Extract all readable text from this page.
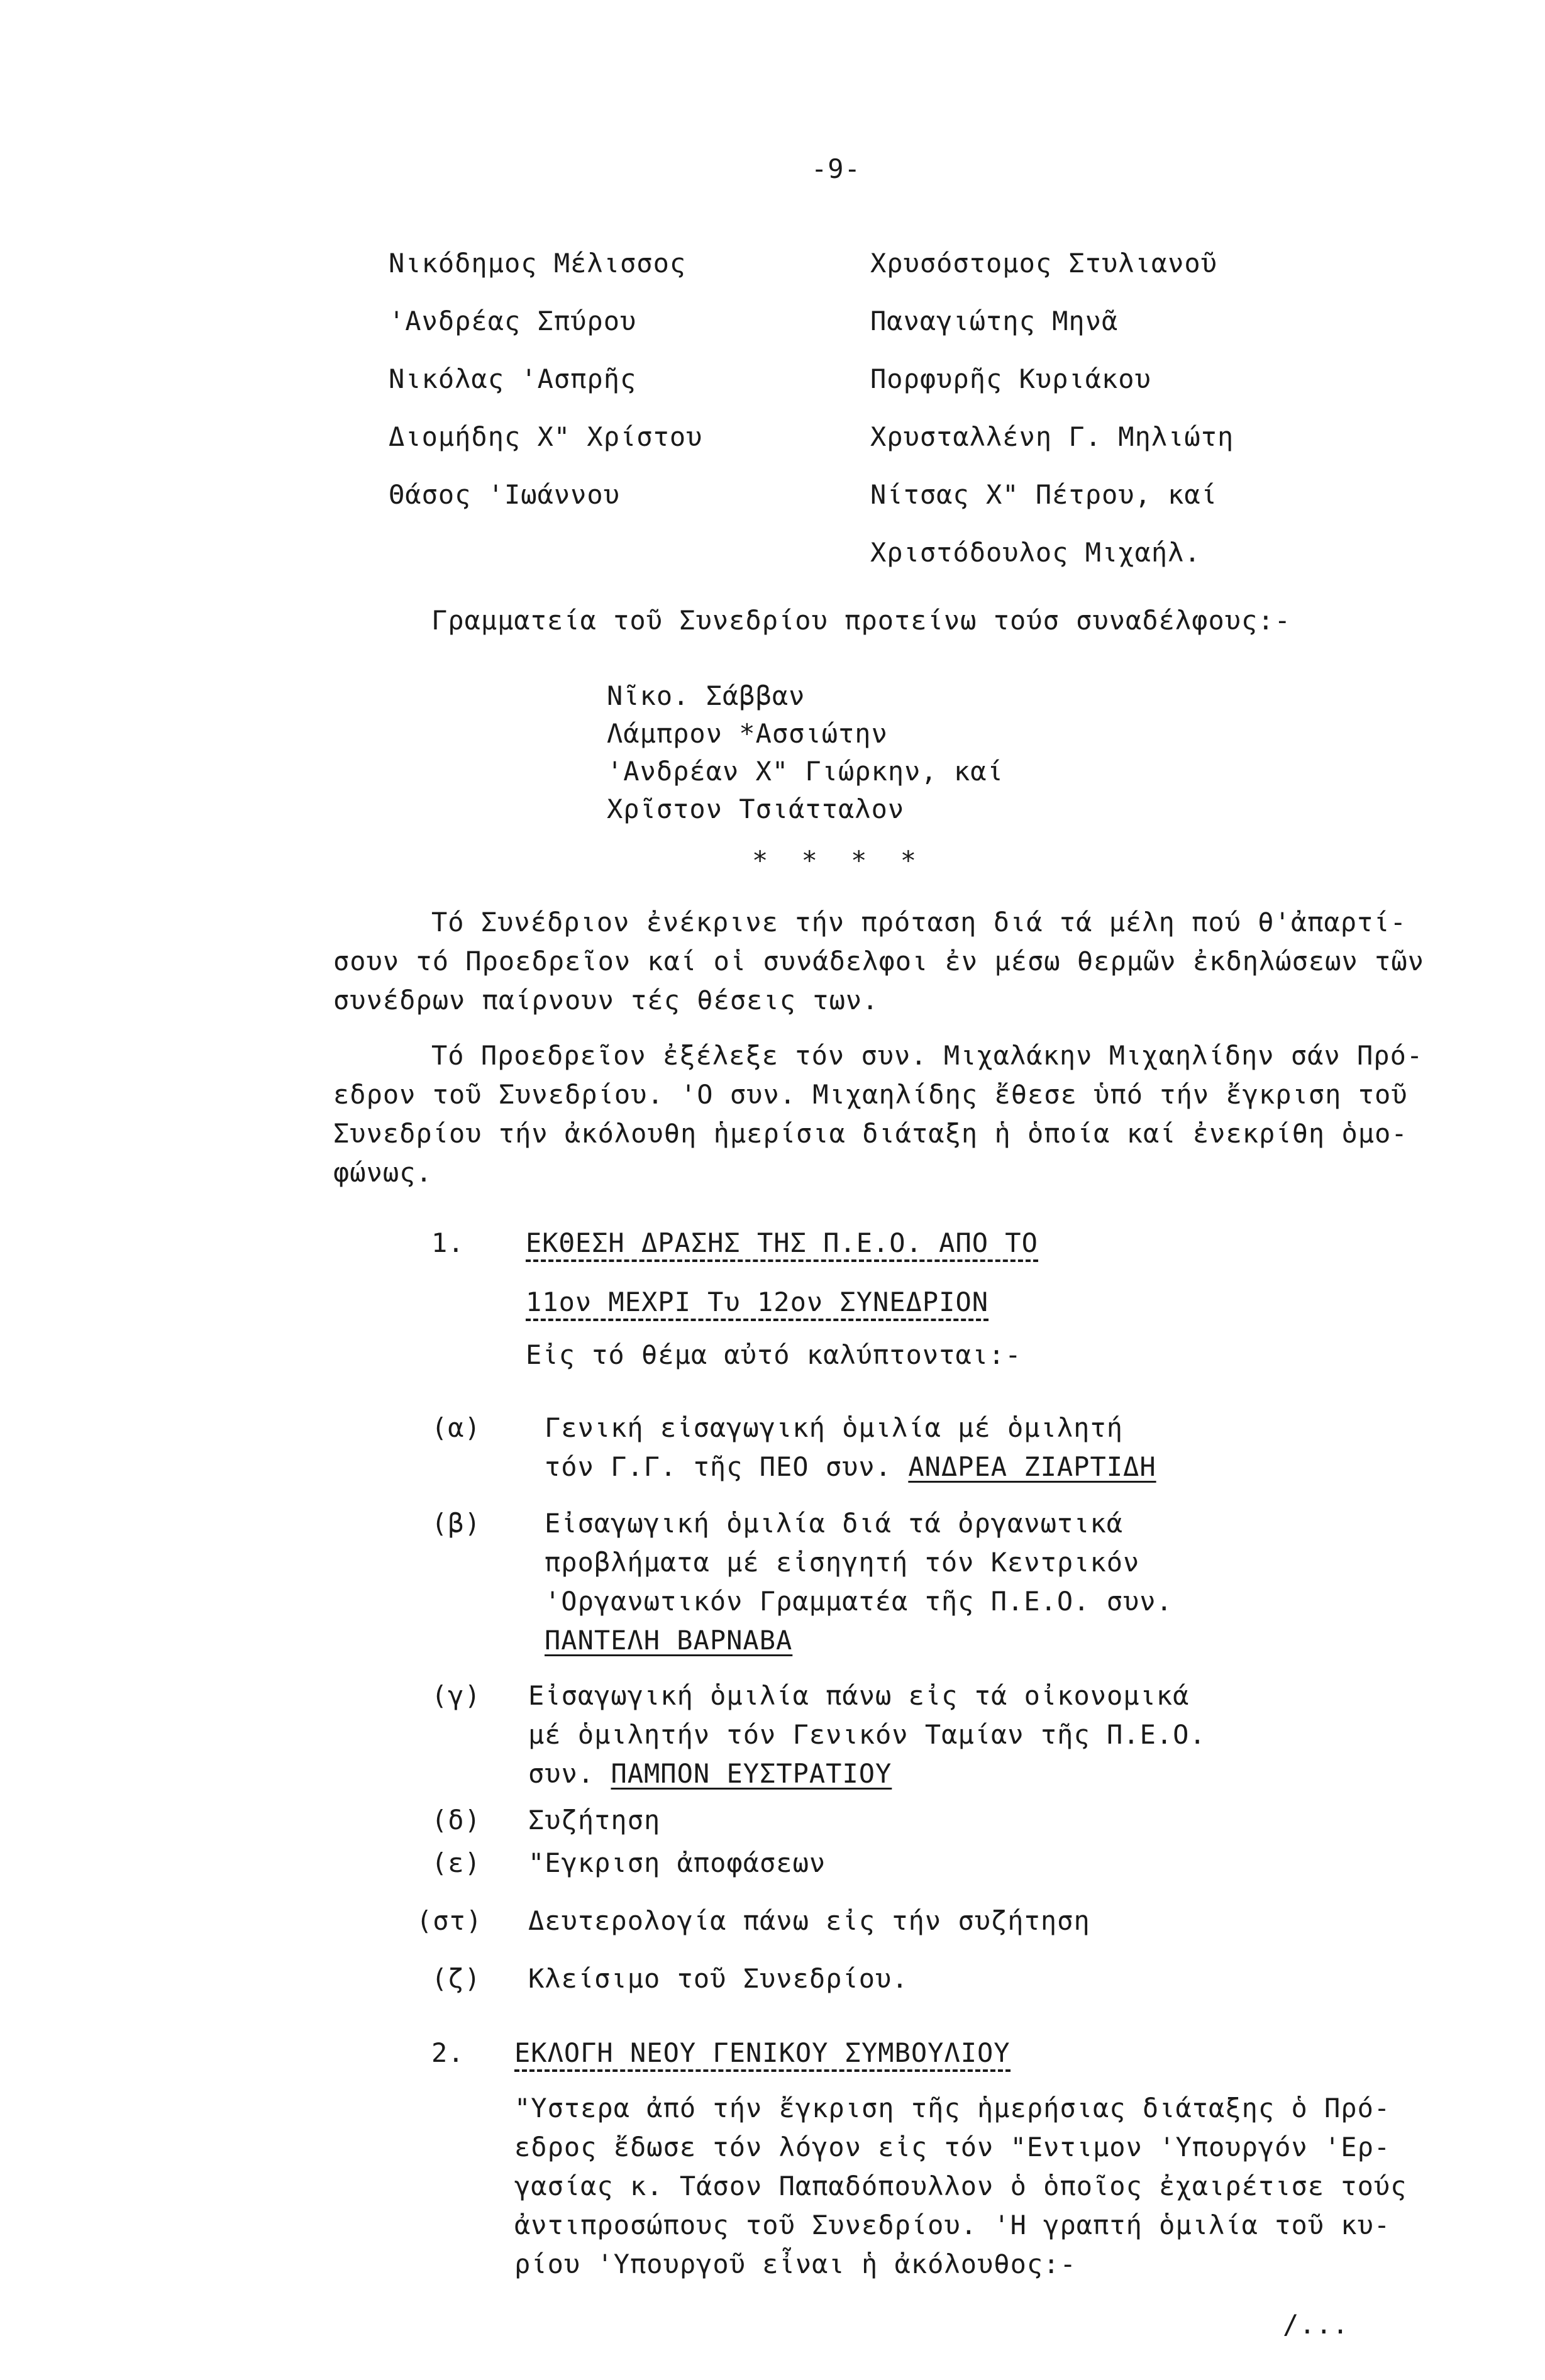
-9-
Νικόδημος Μέλισσος
'Ανδρέας Σπύρου
Νικόλας 'Ασπρῆς
Διομήδης Χ" Χρίστου
Θάσος 'Ιωάννου
Χρυσόστομος Στυλιανοῦ
Παναγιώτης Μηνᾶ
Πορφυρῆς Κυριάκου
Χρυσταλλένη Γ. Μηλιώτη
Νίτσας Χ" Πέτρου, καί
Χριστόδουλος Μιχαήλ.
Γραμματεία τοῦ Συνεδρίου προτείνω τούσ συναδέλφους:-
Νῖκο. Σάββαν
Λάμπρον *Ασσιώτην
'Ανδρέαν Χ" Γιώρκην, καί
Χρῖστον Τσιάτταλον
* * * *
Τό Συνέδριον ἐνέκρινε τήν πρόταση διά τά μέλη πού θ'ἀπαρτί-
σουν τό Προεδρεῖον καί οἱ συνάδελφοι ἐν μέσω θερμῶν ἐκδηλώσεων τῶν
συνέδρων παίρνουν τές θέσεις των.
Τό Προεδρεῖον ἐξέλεξε τόν συν. Μιχαλάκην Μιχαηλίδην σάν Πρό-
εδρον τοῦ Συνεδρίου. 'Ο συν. Μιχαηλίδης ἔθεσε ὑπό τήν ἔγκριση τοῦ
Συνεδρίου τήν ἀκόλουθη ἡμερίσια διάταξη ἡ ὁποία καί ἐνεκρίθη ὁμο-
φώνως.
1. ΕΚΘΕΣΗ ΔΡΑΣΗΣ ΤΗΣ Π.Ε.Ο. ΑΠΟ ΤΟ
11ον ΜΕΧΡΙ Τυ 12ον ΣΥΝΕΔΡΙΟΝ
Εἰς τό θέμα αὐτό καλύπτονται:-
(α) Γενική εἰσαγωγική ὁμιλία μέ ὁμιλητή
τόν Γ.Γ. τῆς ΠΕΟ συν. ΑΝΔΡΕΑ ΖΙΑΡΤΙΔΗ
(β) Εἰσαγωγική ὁμιλία διά τά ὀργανωτικά
προβλήματα μέ εἰσηγητή τόν Κεντρικόν
'Οργανωτικόν Γραμματέα τῆς Π.Ε.Ο. συν.
ΠΑΝΤΕΛΗ ΒΑΡΝΑΒΑ
(γ) Εἰσαγωγική ὁμιλία πάνω εἰς τά οἰκονομικά
μέ ὁμιλητήν τόν Γενικόν Ταμίαν τῆς Π.Ε.Ο.
συν. ΠΑΜΠΟΝ ΕΥΣΤΡΑΤΙΟΥ
(δ) Συζήτηση
(ε) "Εγκριση ἀποφάσεων
(στ) Δευτερολογία πάνω εἰς τήν συζήτηση
(ζ) Κλείσιμο τοῦ Συνεδρίου.
2. ΕΚΛΟΓΗ ΝΕΟΥ ΓΕΝΙΚΟΥ ΣΥΜΒΟΥΛΙΟΥ
"Υστερα ἀπό τήν ἔγκριση τῆς ἡμερήσιας διάταξης ὁ Πρό-
εδρος ἔδωσε τόν λόγον εἰς τόν "Εντιμον 'Υπουργόν 'Ερ-
γασίας κ. Τάσον Παπαδόπουλλον ὁ ὁποῖος ἐχαιρέτισε τούς
ἀντιπροσώπους τοῦ Συνεδρίου. 'Η γραπτή ὁμιλία τοῦ κυ-
ρίου 'Υπουργοῦ εἶναι ἡ ἀκόλουθος:-
/...
